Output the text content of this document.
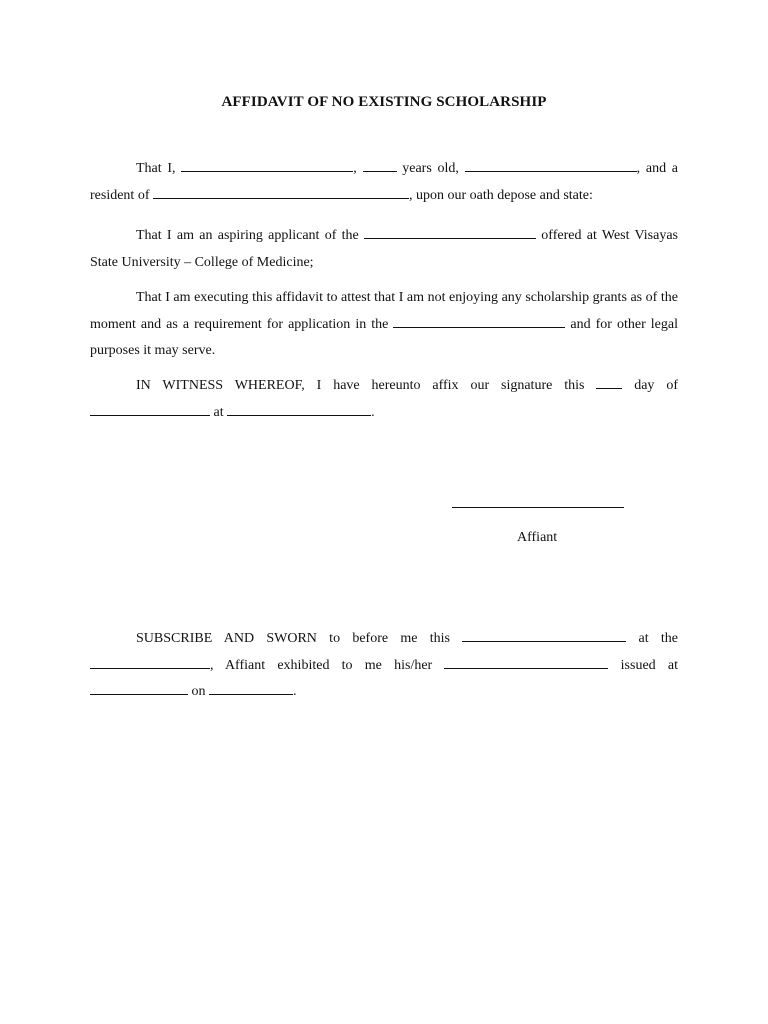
AFFIDAVIT OF NO EXISTING SCHOLARSHIP

That I,	,  years old,	, and a resident of	, upon our oath depose and state:

That I am an aspiring applicant of the	offered at West Visayas State University – College of Medicine;

That I am executing this affidavit to attest that I am not enjoying any scholarship grants as of the moment and as a requirement for application in the	and for other legal purposes it may serve.

IN WITNESS WHEREOF, I have hereunto affix our signature this  day of  at	.

Affiant

SUBSCRIBE AND SWORN to before me this	at the , Affiant exhibited to me his/her	issued at  on	.
